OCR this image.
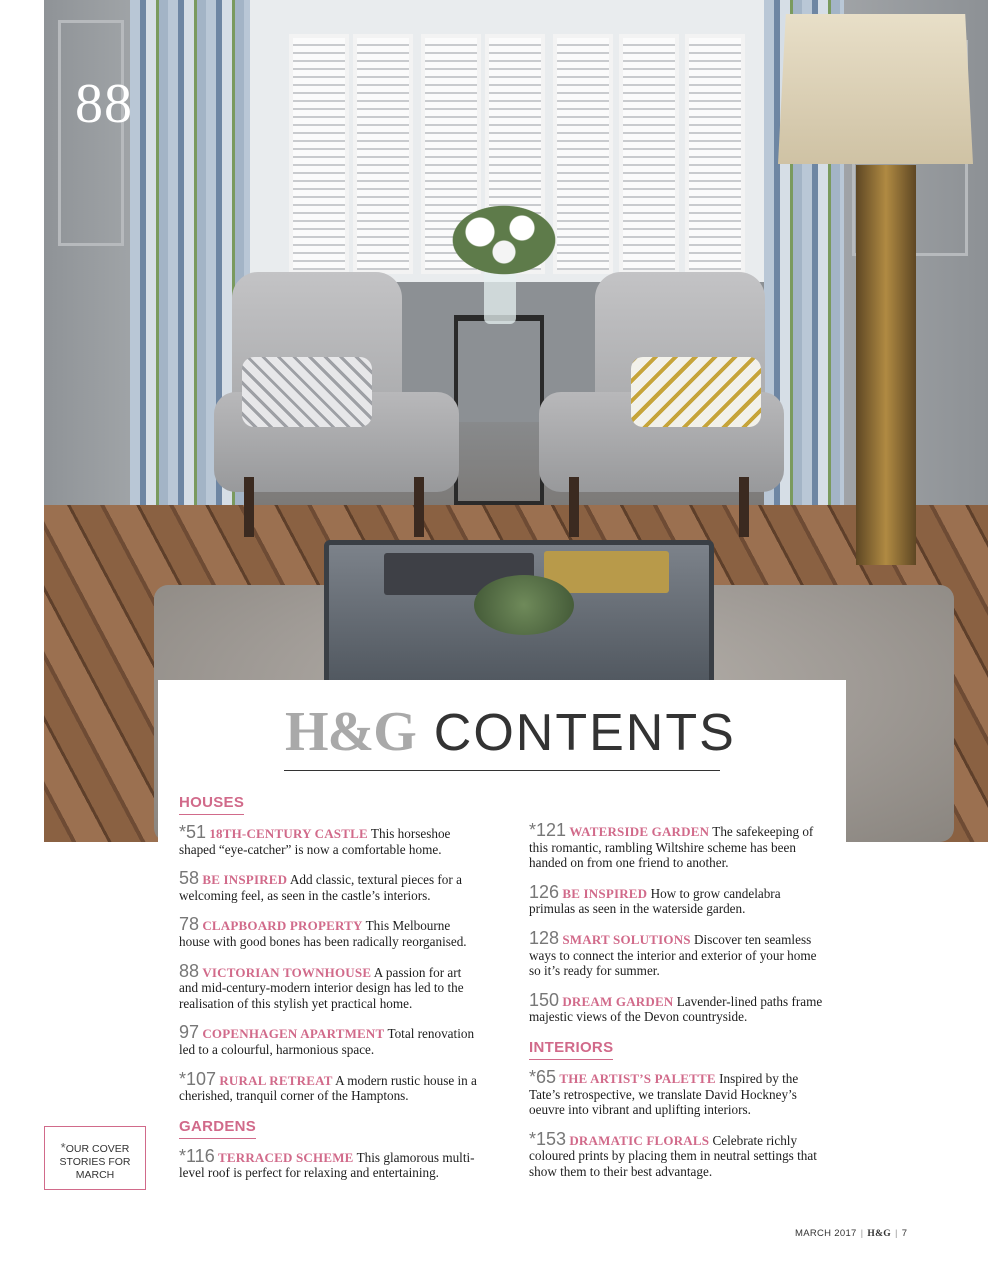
88
H&G CONTENTS
HOUSES

*51 18TH-CENTURY CASTLE This horseshoe shaped “eye-catcher” is now a comfortable home.

58 BE INSPIRED Add classic, textural pieces for a welcoming feel, as seen in the castle’s interiors.

78 CLAPBOARD PROPERTY This Melbourne house with good bones has been radically reorganised.

88 VICTORIAN TOWNHOUSE A passion for art and mid-century-modern interior design has led to the realisation of this stylish yet practical home.

97 COPENHAGEN APARTMENT Total renovation led to a colourful, harmonious space.

*107 RURAL RETREAT A modern rustic house in a cherished, tranquil corner of the Hamptons.

GARDENS

*116 TERRACED SCHEME This glamorous multi-level roof is perfect for relaxing and entertaining.

*121 WATERSIDE GARDEN The safekeeping of this romantic, rambling Wiltshire scheme has been handed on from one friend to another.

126 BE INSPIRED How to grow candelabra primulas as seen in the waterside garden.

128 SMART SOLUTIONS Discover ten seamless ways to connect the interior and exterior of your home so it’s ready for summer.

150 DREAM GARDEN Lavender-lined paths frame majestic views of the Devon countryside.

INTERIORS

*65 THE ARTIST’S PALETTE Inspired by the Tate’s retrospective, we translate David Hockney’s oeuvre into vibrant and uplifting interiors.

*153 DRAMATIC FLORALS Celebrate richly coloured prints by placing them in neutral settings that show them to their best advantage.

*OUR COVER
STORIES FOR
MARCH
MARCH 2017 | H&G | 7
